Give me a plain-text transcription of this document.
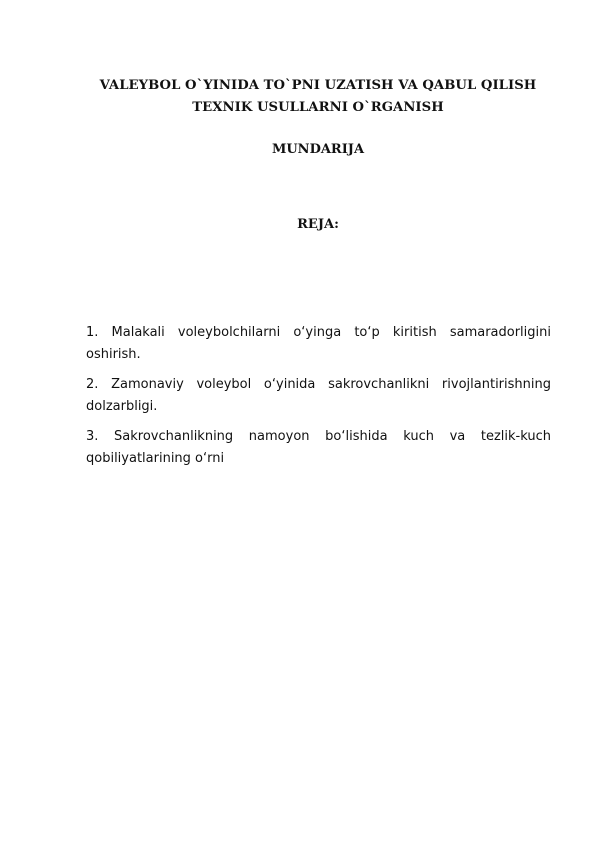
VALEYBOL O`YINIDA TO`PNI UZATISH VA QABUL QILISH
TEXNIK USULLARNI O`RGANISH
MUNDARIJA
REJA:

1. Malakali voleybolchilarni o‘yinga to‘p kiritish samaradorligini oshirish.

2. Zamonaviy voleybol o‘yinida sakrovchanlikni rivojlantirishning dolzarbligi.

3. Sakrovchanlikning namoyon bo‘lishida kuch va tezlik-kuch qobiliyatlarining o‘rni
